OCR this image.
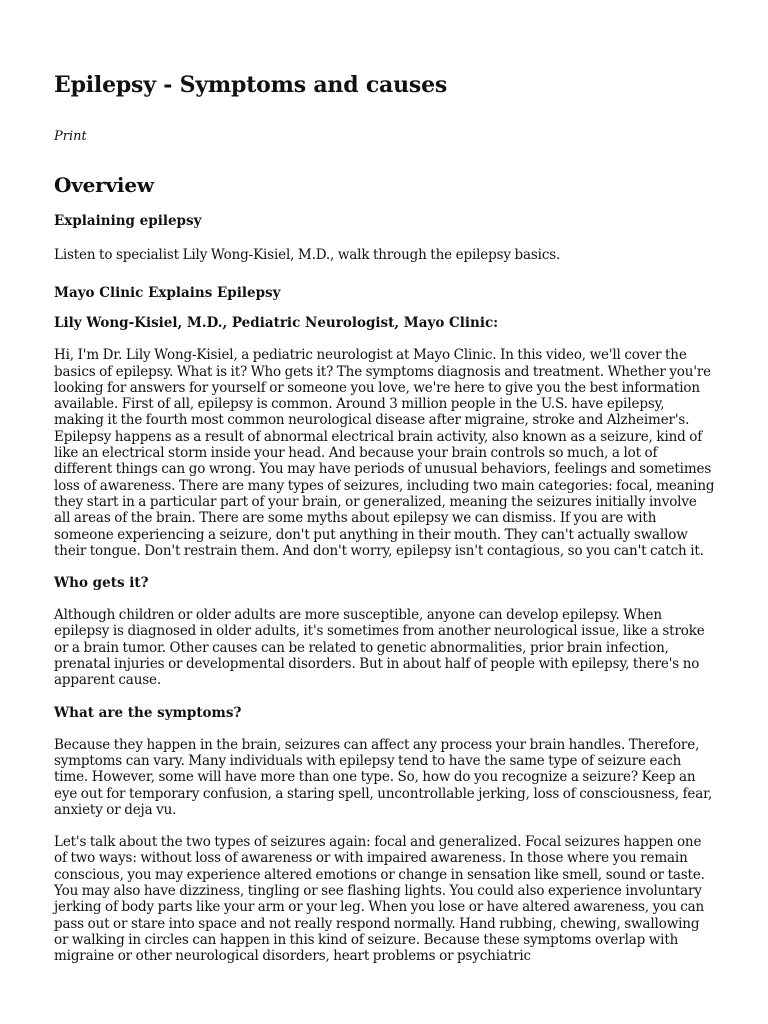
Epilepsy - Symptoms and causes
Print
Overview
Explaining epilepsy

Listen to specialist Lily Wong-Kisiel, M.D., walk through the epilepsy basics.

Mayo Clinic Explains Epilepsy
Lily Wong-Kisiel, M.D., Pediatric Neurologist, Mayo Clinic:

Hi, I'm Dr. Lily Wong-Kisiel, a pediatric neurologist at Mayo Clinic. In this video, we'll cover the basics of epilepsy. What is it? Who gets it? The symptoms diagnosis and treatment. Whether you're looking for answers for yourself or someone you love, we're here to give you the best information available. First of all, epilepsy is common. Around 3 million people in the U.S. have epilepsy, making it the fourth most common neurological disease after migraine, stroke and Alzheimer's. Epilepsy happens as a result of abnormal electrical brain activity, also known as a seizure, kind of like an electrical storm inside your head. And because your brain controls so much, a lot of different things can go wrong. You may have periods of unusual behaviors, feelings and sometimes loss of awareness. There are many types of seizures, including two main categories: focal, meaning they start in a particular part of your brain, or generalized, meaning the seizures initially involve all areas of the brain. There are some myths about epilepsy we can dismiss. If you are with someone experiencing a seizure, don't put anything in their mouth. They can't actually swallow their tongue. Don't restrain them. And don't worry, epilepsy isn't contagious, so you can't catch it.

Who gets it?

Although children or older adults are more susceptible, anyone can develop epilepsy. When epilepsy is diagnosed in older adults, it's sometimes from another neurological issue, like a stroke or a brain tumor. Other causes can be related to genetic abnormalities, prior brain infection, prenatal injuries or developmental disorders. But in about half of people with epilepsy, there's no apparent cause.

What are the symptoms?

Because they happen in the brain, seizures can affect any process your brain handles. Therefore, symptoms can vary. Many individuals with epilepsy tend to have the same type of seizure each time. However, some will have more than one type. So, how do you recognize a seizure? Keep an eye out for temporary confusion, a staring spell, uncontrollable jerking, loss of consciousness, fear, anxiety or deja vu.

Let's talk about the two types of seizures again: focal and generalized. Focal seizures happen one of two ways: without loss of awareness or with impaired awareness. In those where you remain conscious, you may experience altered emotions or change in sensation like smell, sound or taste. You may also have dizziness, tingling or see flashing lights. You could also experience involuntary jerking of body parts like your arm or your leg. When you lose or have altered awareness, you can pass out or stare into space and not really respond normally. Hand rubbing, chewing, swallowing or walking in circles can happen in this kind of seizure. Because these symptoms overlap with migraine or other neurological disorders, heart problems or psychiatric
